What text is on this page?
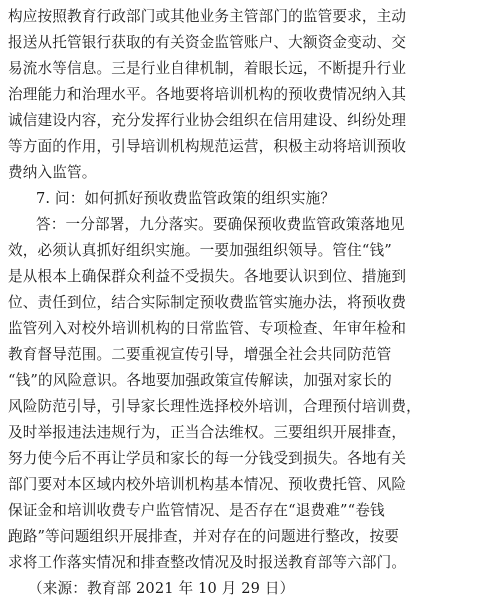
构应按照教育行政部门或其他业务主管部门的监管要求，主动
报送从托管银行获取的有关资金监管账户、大额资金变动、交
易流水等信息。三是行业自律机制，着眼长远，不断提升行业
治理能力和治理水平。各地要将培训机构的预收费情况纳入其
诚信建设内容，充分发挥行业协会组织在信用建设、纠纷处理
等方面的作用，引导培训机构规范运营，积极主动将培训预收
费纳入监管。
7. 问：如何抓好预收费监管政策的组织实施？
答：一分部署，九分落实。要确保预收费监管政策落地见
效，必须认真抓好组织实施。一要加强组织领导。管住“钱”
是从根本上确保群众利益不受损失。各地要认识到位、措施到
位、责任到位，结合实际制定预收费监管实施办法，将预收费
监管列入对校外培训机构的日常监管、专项检查、年审年检和
教育督导范围。二要重视宣传引导，增强全社会共同防范管
“钱”的风险意识。各地要加强政策宣传解读，加强对家长的
风险防范引导，引导家长理性选择校外培训，合理预付培训费，
及时举报违法违规行为，正当合法维权。三要组织开展排查，
努力使今后不再让学员和家长的每一分钱受到损失。各地有关
部门要对本区域内校外培训机构基本情况、预收费托管、风险
保证金和培训收费专户监管情况、是否存在“退费难”“卷钱
跑路”等问题组织开展排查，并对存在的问题进行整改，按要
求将工作落实情况和排查整改情况及时报送教育部等六部门。
（来源：教育部 2021 年 10 月 29 日）
